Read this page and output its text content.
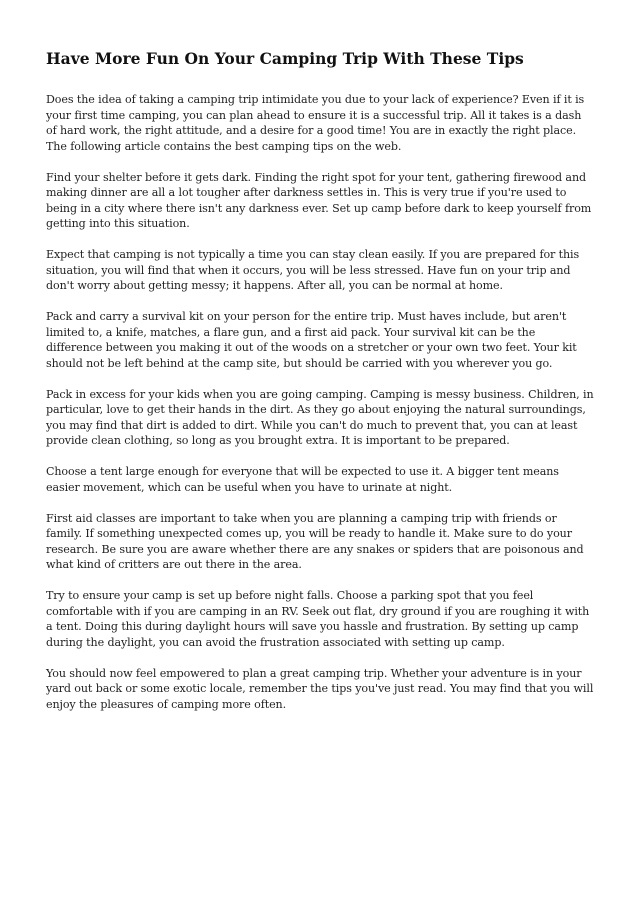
Have More Fun On Your Camping Trip With These Tips

Does the idea of taking a camping trip intimidate you due to your lack of experience? Even if it is your first time camping, you can plan ahead to ensure it is a successful trip. All it takes is a dash of hard work, the right attitude, and a desire for a good time! You are in exactly the right place. The following article contains the best camping tips on the web.

Find your shelter before it gets dark. Finding the right spot for your tent, gathering firewood and making dinner are all a lot tougher after darkness settles in. This is very true if you're used to being in a city where there isn't any darkness ever. Set up camp before dark to keep yourself from getting into this situation.

Expect that camping is not typically a time you can stay clean easily. If you are prepared for this situation, you will find that when it occurs, you will be less stressed. Have fun on your trip and don't worry about getting messy; it happens. After all, you can be normal at home.

Pack and carry a survival kit on your person for the entire trip. Must haves include, but aren't limited to, a knife, matches, a flare gun, and a first aid pack. Your survival kit can be the difference between you making it out of the woods on a stretcher or your own two feet. Your kit should not be left behind at the camp site, but should be carried with you wherever you go.

Pack in excess for your kids when you are going camping. Camping is messy business. Children, in particular, love to get their hands in the dirt. As they go about enjoying the natural surroundings, you may find that dirt is added to dirt. While you can't do much to prevent that, you can at least provide clean clothing, so long as you brought extra. It is important to be prepared.

Choose a tent large enough for everyone that will be expected to use it. A bigger tent means easier movement, which can be useful when you have to urinate at night.

First aid classes are important to take when you are planning a camping trip with friends or family. If something unexpected comes up, you will be ready to handle it. Make sure to do your research. Be sure you are aware whether there are any snakes or spiders that are poisonous and what kind of critters are out there in the area.

Try to ensure your camp is set up before night falls. Choose a parking spot that you feel comfortable with if you are camping in an RV. Seek out flat, dry ground if you are roughing it with a tent. Doing this during daylight hours will save you hassle and frustration. By setting up camp during the daylight, you can avoid the frustration associated with setting up camp.

You should now feel empowered to plan a great camping trip. Whether your adventure is in your yard out back or some exotic locale, remember the tips you've just read. You may find that you will enjoy the pleasures of camping more often.
